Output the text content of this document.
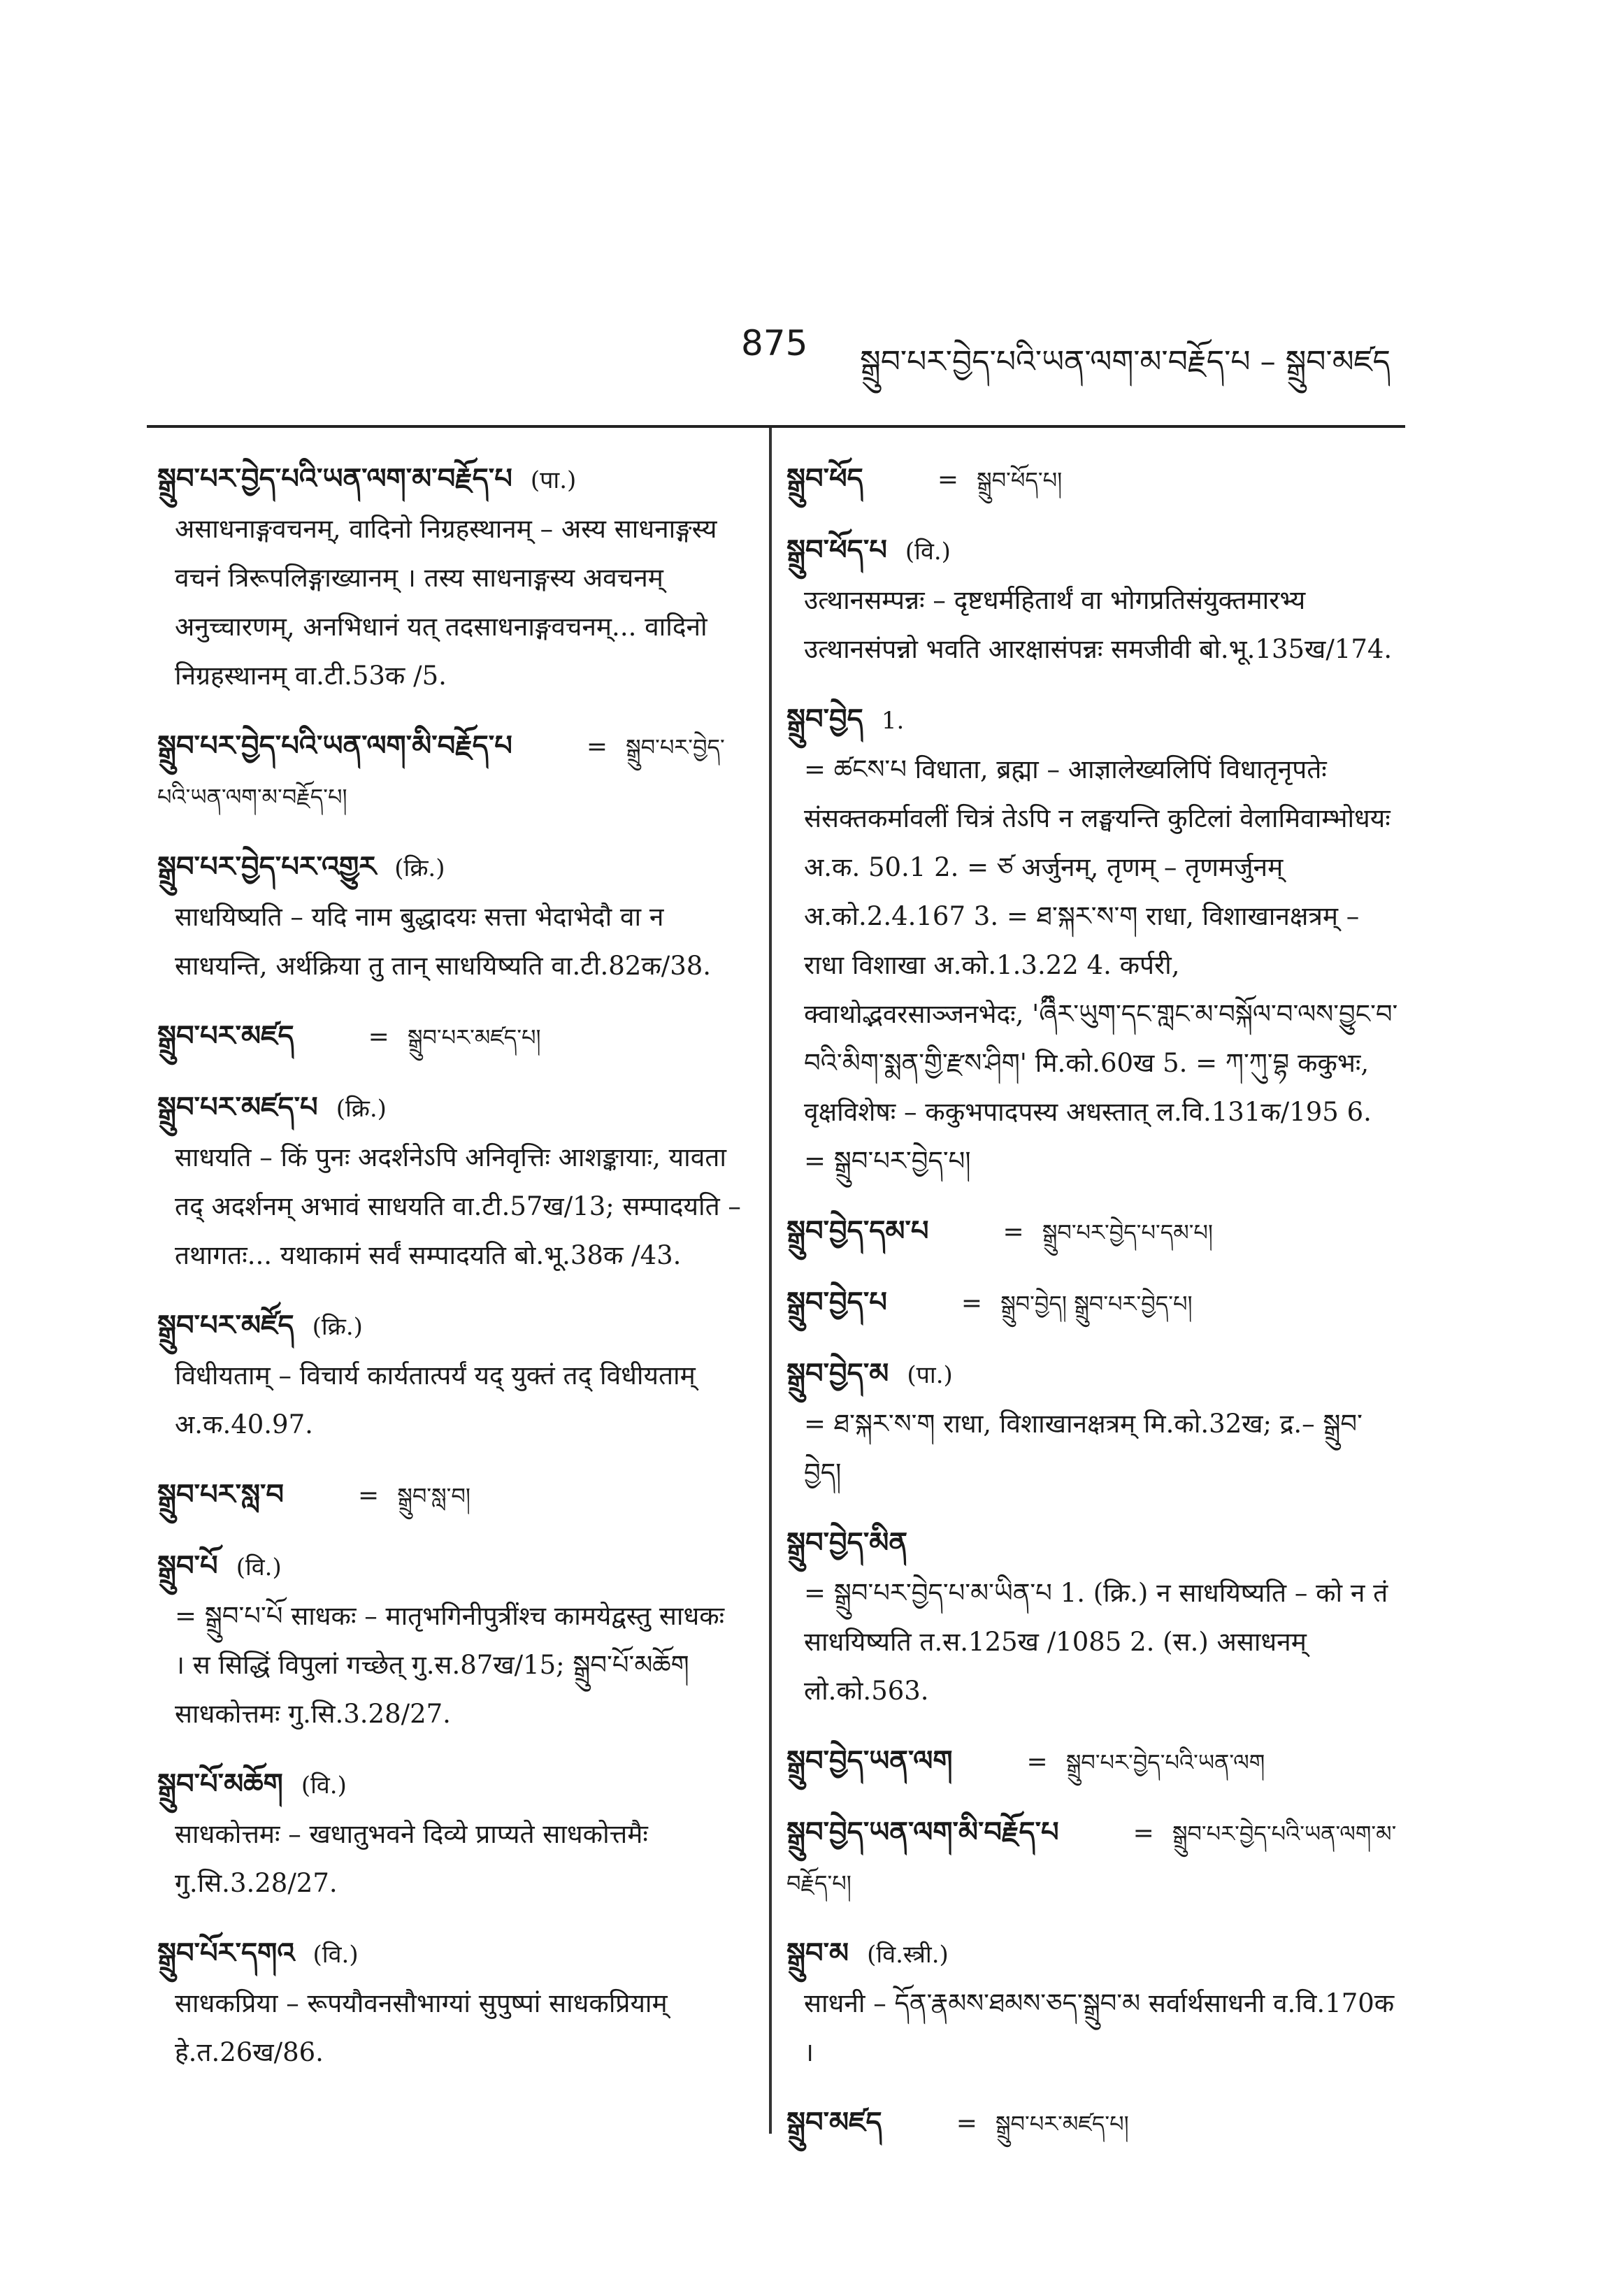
875 སྒྲུབ་པར་བྱེད་པའི་ཡན་ལག་མ་བརྗོད་པ – སྒྲུབ་མཛད
སྒྲུབ་པར་བྱེད་པའི་ཡན་ལག་མ་བརྗོད་པ (पा.)
असाधनाङ्गवचनम्, वादिनो निग्रहस्थानम् – अस्य साधनाङ्गस्य वचनं त्रिरूपलिङ्गाख्यानम् । तस्य साधनाङ्गस्य अवचनम् अनुच्चारणम्, अनभिधानं यत् तदसाधनाङ्गवचनम्... वादिनो निग्रहस्थानम् वा.टी.53क /5.
སྒྲུབ་པར་བྱེད་པའི་ཡན་ལག་མི་བརྗོད་པ	= སྒྲུབ་པར་བྱེད་པའི་ཡན་ལག་མ་བརྗོད་པ།
སྒྲུབ་པར་བྱེད་པར་འགྱུར (क्रि.)
साधयिष्यति – यदि नाम बुद्धादयः सत्ता भेदाभेदौ वा न साधयन्ति, अर्थक्रिया तु तान् साधयिष्यति वा.टी.82क/38.
སྒྲུབ་པར་མཛད	= སྒྲུབ་པར་མཛད་པ།
སྒྲུབ་པར་མཛད་པ (क्रि.)
साधयति – किं पुनः अदर्शनेऽपि अनिवृत्तिः आशङ्कायाः, यावता तद् अदर्शनम् अभावं साधयति वा.टी.57ख/13; सम्पादयति – तथागतः... यथाकामं सर्वं सम्पादयति बो.भू.38क /43.
སྒྲུབ་པར་མཛོད (क्रि.)
विधीयताम् – विचार्य कार्यतात्पर्यं यद् युक्तं तद् विधीयताम् अ.क.40.97.
སྒྲུབ་པར་སླ་བ	= སྒྲུབ་སླ་བ།
སྒྲུབ་པོ (वि.)
= སྒྲུབ་པ་པོ साधकः – मातृभगिनीपुत्रींश्च कामयेद्वस्तु साधकः । स सिद्धिं विपुलां गच्छेत् गु.स.87ख/15; སྒྲུབ་པོ་མཆོག साधकोत्तमः गु.सि.3.28/27.
སྒྲུབ་པོ་མཆོག (वि.)
साधकोत्तमः – खधातुभवने दिव्ये प्राप्यते साधकोत्तमैः गु.सि.3.28/27.
སྒྲུབ་པོར་དགའ (वि.)
साधकप्रिया – रूपयौवनसौभाग्यां सुपुष्पां साधकप्रियाम् हे.त.26ख/86.
སྒྲུབ་ཕོད	= སྒྲུབ་ཕོད་པ།
སྒྲུབ་ཕོད་པ (वि.)
उत्थानसम्पन्नः – दृष्टधर्महितार्थं वा भोगप्रतिसंयुक्तमारभ्य उत्थानसंपन्नो भवति आरक्षासंपन्नः समजीवी बो.भू.135ख/174.
སྒྲུབ་བྱེད 1.
= ཚངས་པ विधाता, ब्रह्मा – आज्ञालेख्यलिपिं विधातृनृपतेः संसक्तकर्मावलीं चित्रं तेऽपि न लङ्घयन्ति कुटिलां वेलामिवाम्भोधयः अ.क. 50.1 2. = ཙ अर्जुनम्, तृणम् – तृणमर्जुनम् अ.को.2.4.167 3. = ཐ་སྐར་ས་ག राधा, विशाखानक्षत्रम् – राधा विशाखा अ.को.1.3.22 4. कर्परी, क्वाथोद्भवरसाञ्जनभेदः, 'ཞྀིར་ཡུག་དང་གླང་མ་བསྐོལ་བ་ལས་བྱུང་བ་བའི་མིག་སྨན་གྱི་རྫས་ཤིག' मि.को.60ख 5. = ཀ་ཀུ་བྷ ककुभः, वृक्षविशेषः – ककुभपादपस्य अधस्तात् ल.वि.131क/195 6. = སྒྲུབ་པར་བྱེད་པ།
སྒྲུབ་བྱེད་དམ་པ	= སྒྲུབ་པར་བྱེད་པ་དམ་པ།
སྒྲུབ་བྱེད་པ	= སྒྲུབ་བྱེད། སྒྲུབ་པར་བྱེད་པ།
སྒྲུབ་བྱེད་མ (पा.)
= ཐ་སྐར་ས་ག राधा, विशाखानक्षत्रम् मि.को.32ख; द्र.– སྒྲུབ་བྱེད།
སྒྲུབ་བྱེད་མིན
= སྒྲུབ་པར་བྱེད་པ་མ་ཡིན་པ 1. (क्रि.) न साधयिष्यति – को न तं साधयिष्यति त.स.125ख /1085 2. (स.) असाधनम् लो.को.563.
སྒྲུབ་བྱེད་ཡན་ལག	= སྒྲུབ་པར་བྱེད་པའི་ཡན་ལག
སྒྲུབ་བྱེད་ཡན་ལག་མི་བརྗོད་པ	= སྒྲུབ་པར་བྱེད་པའི་ཡན་ལག་མ་བརྗོད་པ།
སྒྲུབ་མ (वि.स्त्री.)
साधनी – དོན་རྣམས་ཐམས་ཅད་སྒྲུབ་མ सर्वार्थसाधनी व.वि.170क ।
སྒྲུབ་མཛད	= སྒྲུབ་པར་མཛད་པ།
